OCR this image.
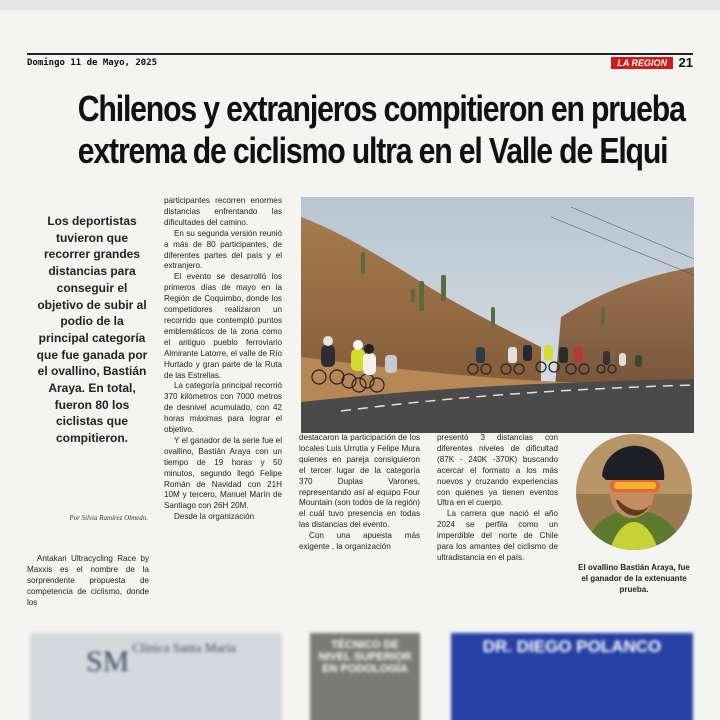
Domingo 11 de Mayo, 2025	LA REGION 21
Chilenos y extranjeros compitieron en prueba
extrema de ciclismo ultra en el Valle de Elqui
Los deportistas tuvieron que recorrer grandes distancias para conseguir el objetivo de subir al podio de la principal categoría que fue ganada por el ovallino, Bastián Araya. En total, fueron 80 los ciclistas que compitieron.
Por Silvia Ramírez Olmedo.

Antakari Ultracycling Race by Maxxis es el nombre de la sorprendente propuesta de competencia de ciclismo, donde los

participantes recorren enormes distancias enfrentando las dificultades del camino.

En su segunda versión reunió a más de 80 participantes, de diferentes partes del país y el extranjero.

El evento se desarrolló los primeros días de mayo en la Región de Coquimbo, donde los competidores realizaron un recorrido que contempló puntos emblemáticos de la zona como el antiguo pueblo ferroviario Almirante Latorre, el valle de Río Hurtado y gran parte de la Ruta de las Estrellas.

La categoría principal recorrió 370 kilómetros con 7000 metros de desnivel acumulado, con 42 horas máximas para lograr el objetivo.

Y el ganador de la serie fue el ovallino, Bastián Araya con un tiempo de 19 horas y 50 minutos, segundo llegó Felipe Román de Navidad con 21H 10M y tercero, Manuel Marín de Santiago con 26H 20M.

Desde la organización

destacaron la participación de los locales Luis Urrutia y Felipe Mura quienes en pareja consiguieron el tercer lugar de la categoría 370 Duplas Varones, representando así al equipo Four Mountain (son todos de la región) el cuál tuvo presencia en todas las distancias del evento.

Con una apuesta más exigente , la organización

presentó 3 distancias con diferentes niveles de dificultad (87K - 240K -370K) buscando acercar el formato a los más nuevos y cruzando experiencias con quienes ya tienen eventos Ultra en el cuerpo.

La carrera que nació el año 2024 se perfila como un imperdible del norte de Chile para los amantes del ciclismo de ultradistancia en el país.

El ovallino Bastián Araya, fue el ganador de la extenuante prueba.
SM Clínica Santa María	TÉCNICO DE NIVEL SUPERIOR EN PODOLOGÍA
DR. DIEGO POLANCO
